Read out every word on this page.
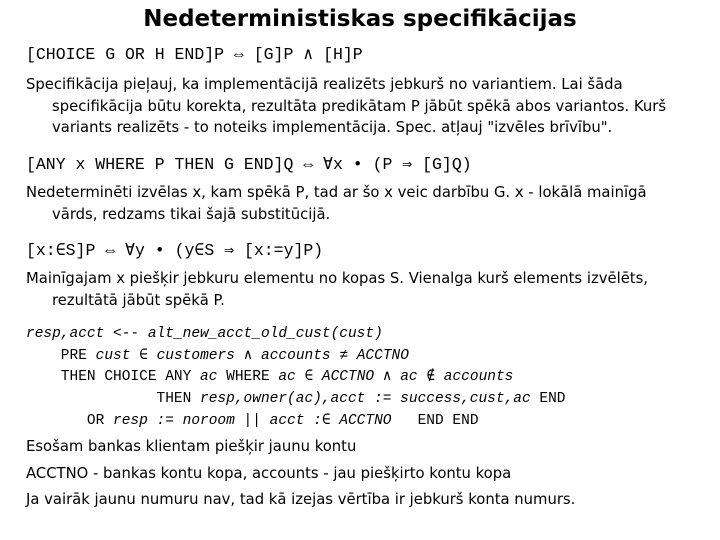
Nedeterministiskas specifikācijas
[CHOICE G OR H END]P ⇔ [G]P ∧ [H]P
Specifikācija pieļauj, ka implementācijā realizēts jebkurš no variantiem. Lai šāda
specifikācija būtu korekta, rezultāta predikātam P jābūt spēkā abos variantos. Kurš
variants realizēts - to noteiks implementācija. Spec. atļauj "izvēles brīvību".
[ANY x WHERE P THEN G END]Q ⇔ ∀x • (P ⇒ [G]Q)
Nedeterminēti izvēlas x, kam spēkā P, tad ar šo x veic darbību G. x - lokālā mainīgā
vārds, redzams tikai šajā substitūcijā.
[x:∈S]P ⇔ ∀y • (y∈S ⇒ [x:=y]P)
Mainīgajam x piešķir jebkuru elementu no kopas S. Vienalga kurš elements izvēlēts,
rezultātā jābūt spēkā P.
resp,acct <-- alt_new_acct_old_cust(cust)
PRE cust ∈ customers ∧ accounts ≠ ACCTNO
THEN CHOICE ANY ac WHERE ac ∈ ACCTNO ∧ ac ∉ accounts
THEN resp,owner(ac),acct := success,cust,ac END
OR resp := noroom || acct :∈ ACCTNO   END END
Esošam bankas klientam piešķir jaunu kontu
ACCTNO - bankas kontu kopa, accounts - jau piešķirto kontu kopa
Ja vairāk jaunu numuru nav, tad kā izejas vērtība ir jebkurš konta numurs.
